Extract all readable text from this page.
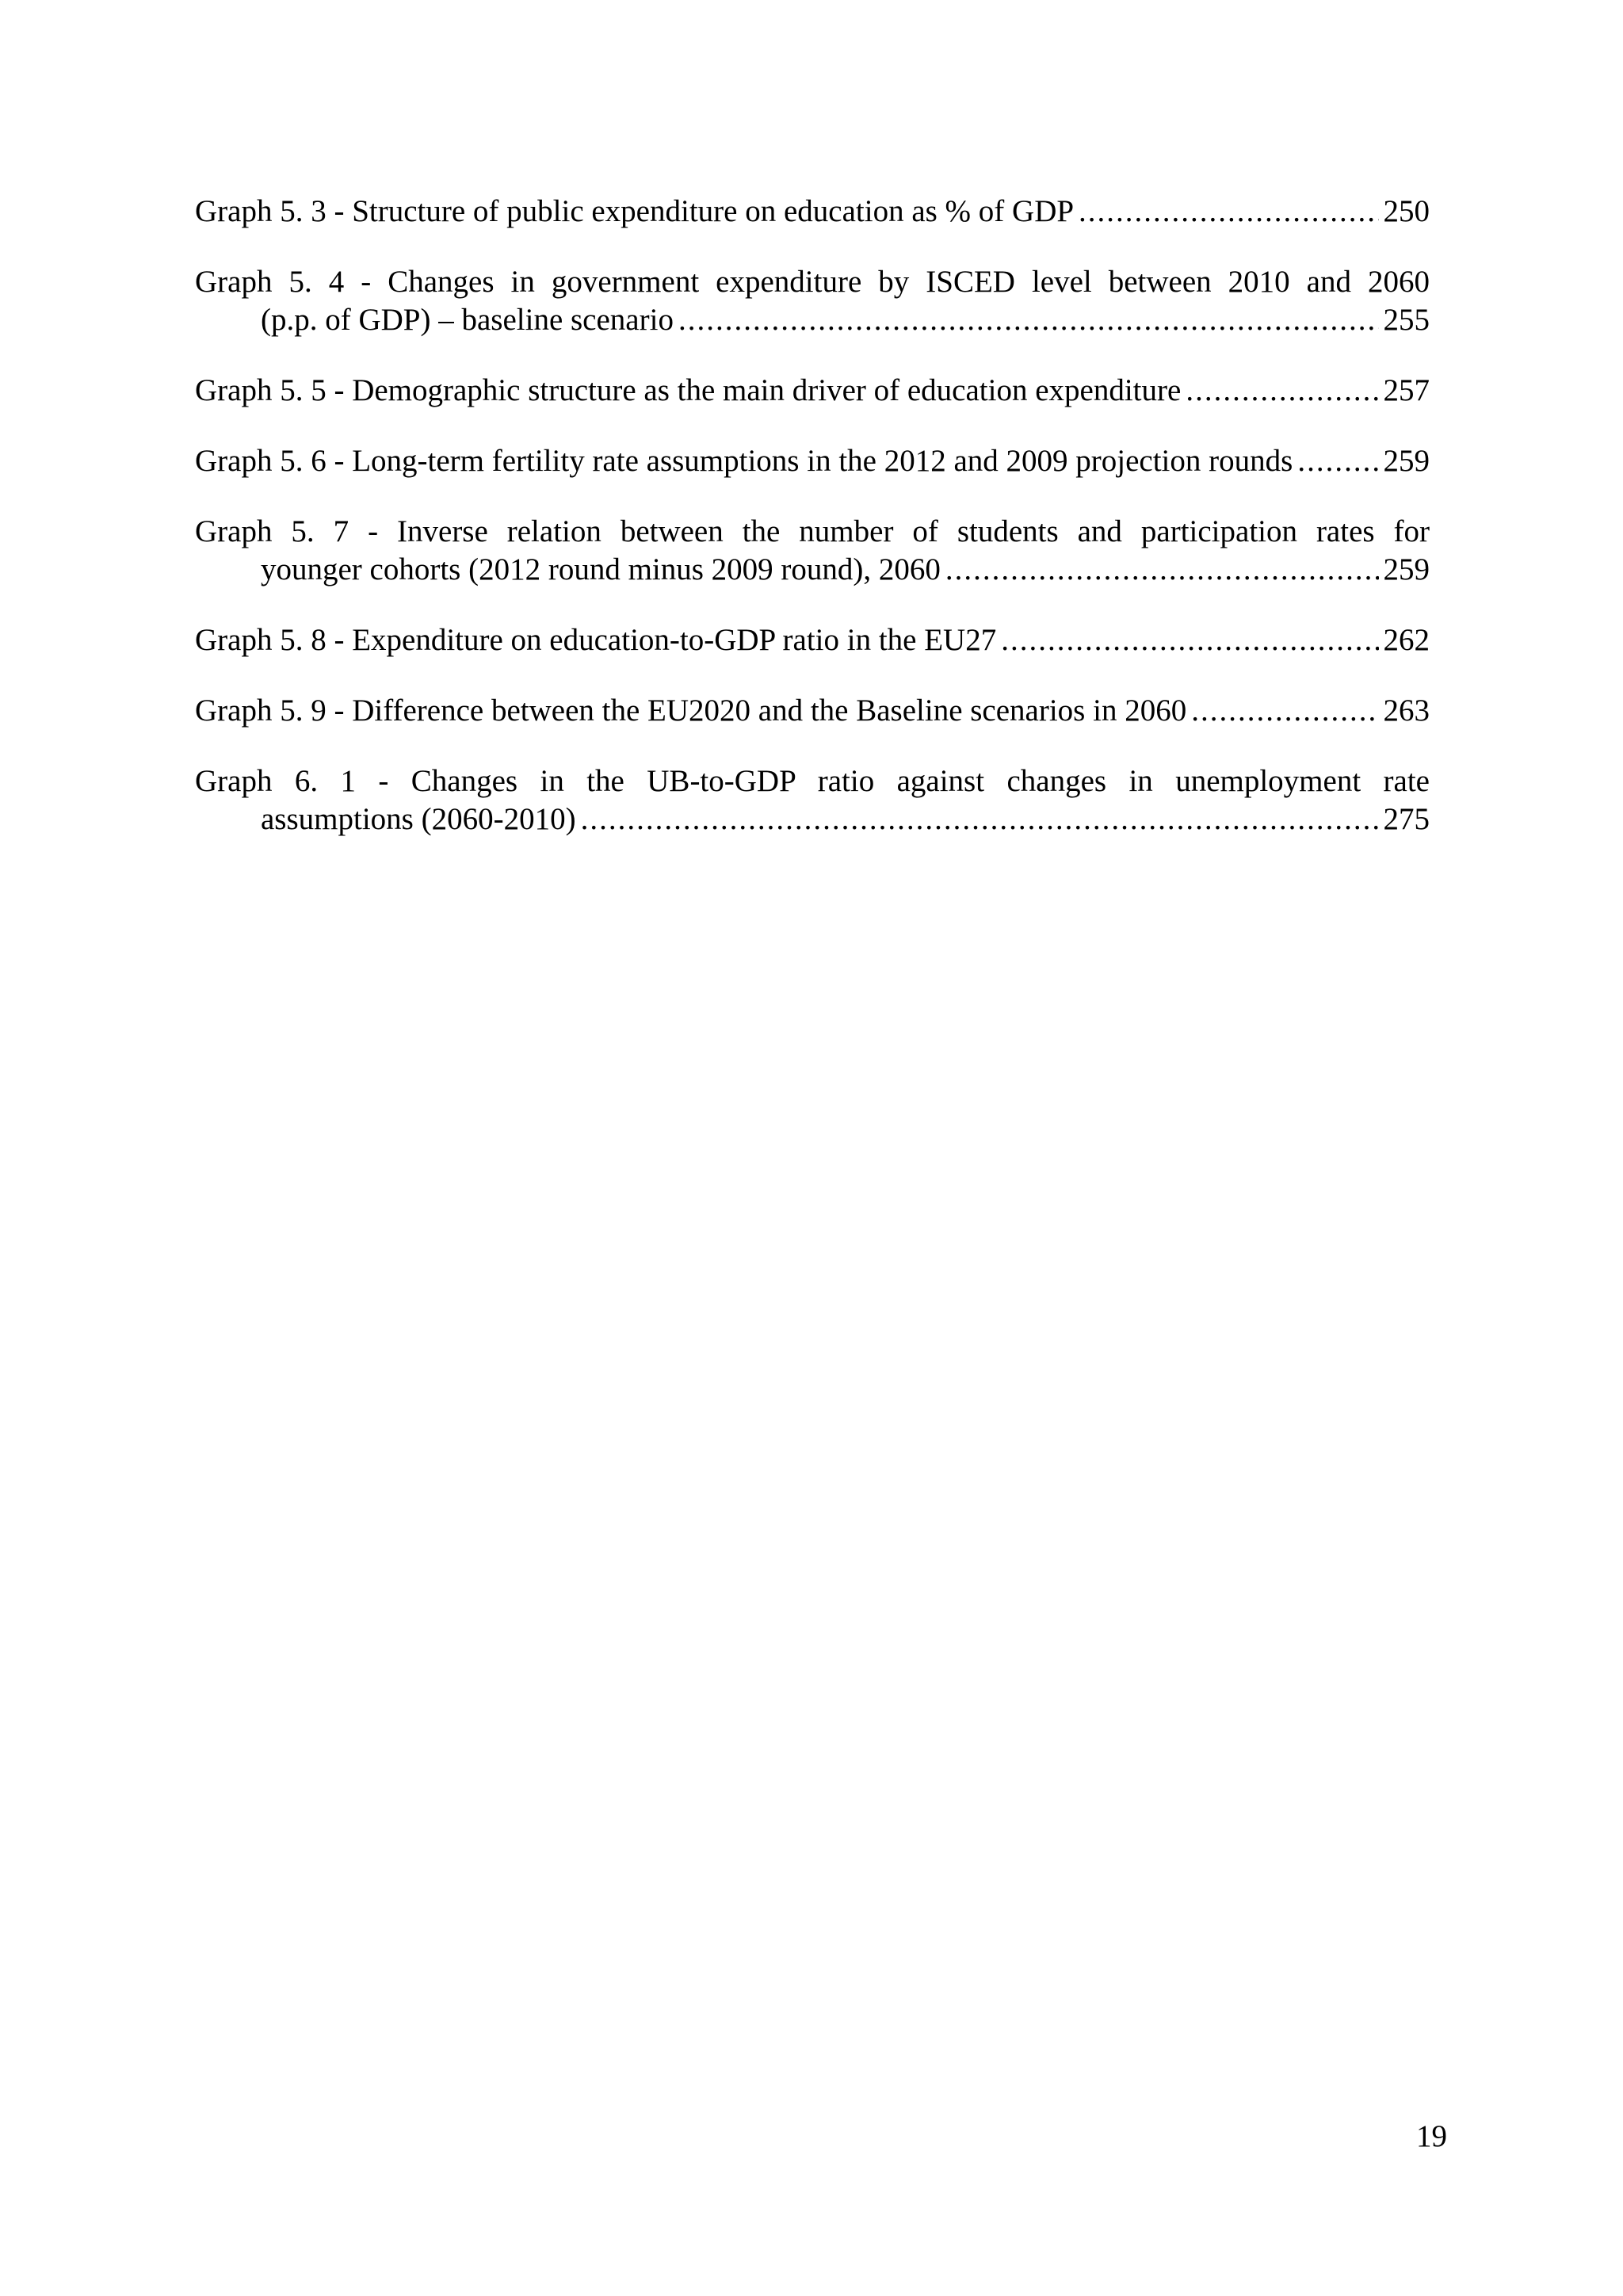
Graph 5. 3 - Structure of public expenditure on education as % of GDP .....	250
Graph 5. 4 - Changes in government expenditure by ISCED level between 2010 and 2060
(p.p. of GDP) – baseline scenario .....	255
Graph 5. 5 - Demographic structure as the main driver of education expenditure .....	257
Graph 5. 6 - Long-term fertility rate assumptions in the 2012 and 2009 projection rounds .....	259
Graph 5. 7 - Inverse relation between the number of students and participation rates for
younger cohorts (2012 round minus 2009 round), 2060 .....	259
Graph 5. 8 - Expenditure on education-to-GDP ratio in the EU27 .....	262
Graph 5. 9 - Difference between the EU2020 and the Baseline scenarios in 2060 .....	263
Graph 6. 1 - Changes in the UB-to-GDP ratio against changes in unemployment rate
assumptions (2060-2010) .....	275
19
